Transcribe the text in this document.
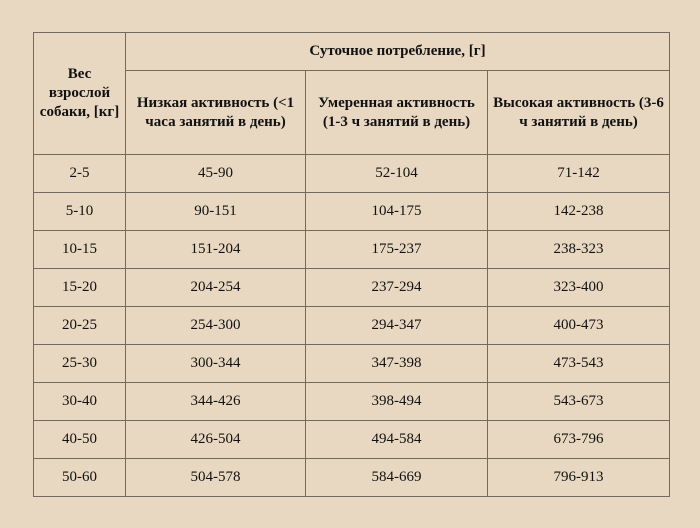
Вес взрослой собаки, [кг]	Суточное потребление, [г]		

	Низкая активность (<1 часа занятий в день)	Умеренная активность (1-3 ч занятий в день)	Высокая активность (3-6 ч занятий в день)

2-5	45-90	52-104	71-142
5-10	90-151	104-175	142-238
10-15	151-204	175-237	238-323
15-20	204-254	237-294	323-400
20-25	254-300	294-347	400-473
25-30	300-344	347-398	473-543
30-40	344-426	398-494	543-673
40-50	426-504	494-584	673-796
50-60	504-578	584-669	796-913
